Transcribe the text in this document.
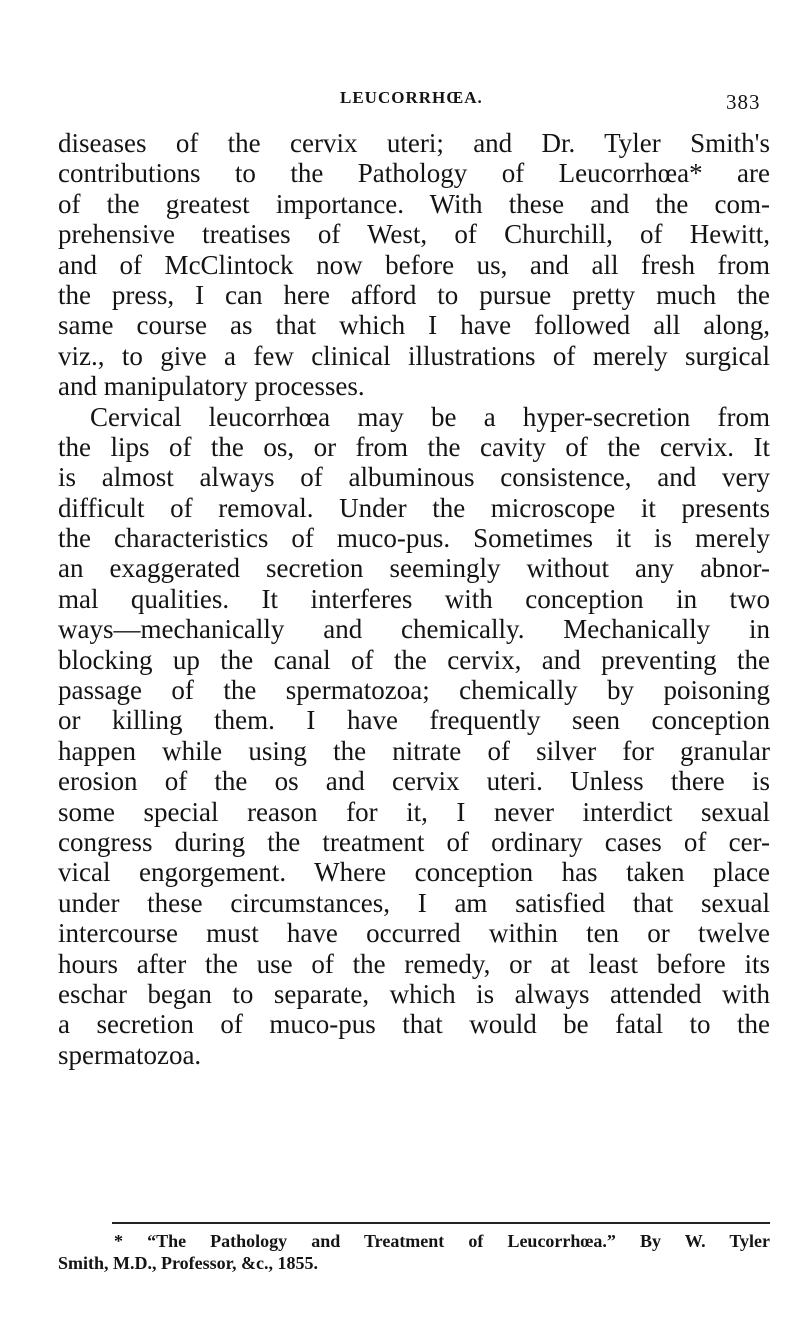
LEUCORRHŒA.	383
diseases of the cervix uteri; and Dr. Tyler Smith's
contributions to the Pathology of Leucorrhœa* are
of the greatest importance. With these and the com-
prehensive treatises of West, of Churchill, of Hewitt,
and of McClintock now before us, and all fresh from
the press, I can here afford to pursue pretty much the
same course as that which I have followed all along,
viz., to give a few clinical illustrations of merely surgical
and manipulatory processes.
Cervical leucorrhœa may be a hyper-secretion from
the lips of the os, or from the cavity of the cervix. It
is almost always of albuminous consistence, and very
difficult of removal. Under the microscope it presents
the characteristics of muco-pus. Sometimes it is merely
an exaggerated secretion seemingly without any abnor-
mal qualities. It interferes with conception in two
ways—mechanically and chemically. Mechanically in
blocking up the canal of the cervix, and preventing the
passage of the spermatozoa; chemically by poisoning
or killing them. I have frequently seen conception
happen while using the nitrate of silver for granular
erosion of the os and cervix uteri. Unless there is
some special reason for it, I never interdict sexual
congress during the treatment of ordinary cases of cer-
vical engorgement. Where conception has taken place
under these circumstances, I am satisfied that sexual
intercourse must have occurred within ten or twelve
hours after the use of the remedy, or at least before its
eschar began to separate, which is always attended with
a secretion of muco-pus that would be fatal to the
spermatozoa.
* “The Pathology and Treatment of Leucorrhœa.” By W. Tyler
Smith, M.D., Professor, &c., 1855.
